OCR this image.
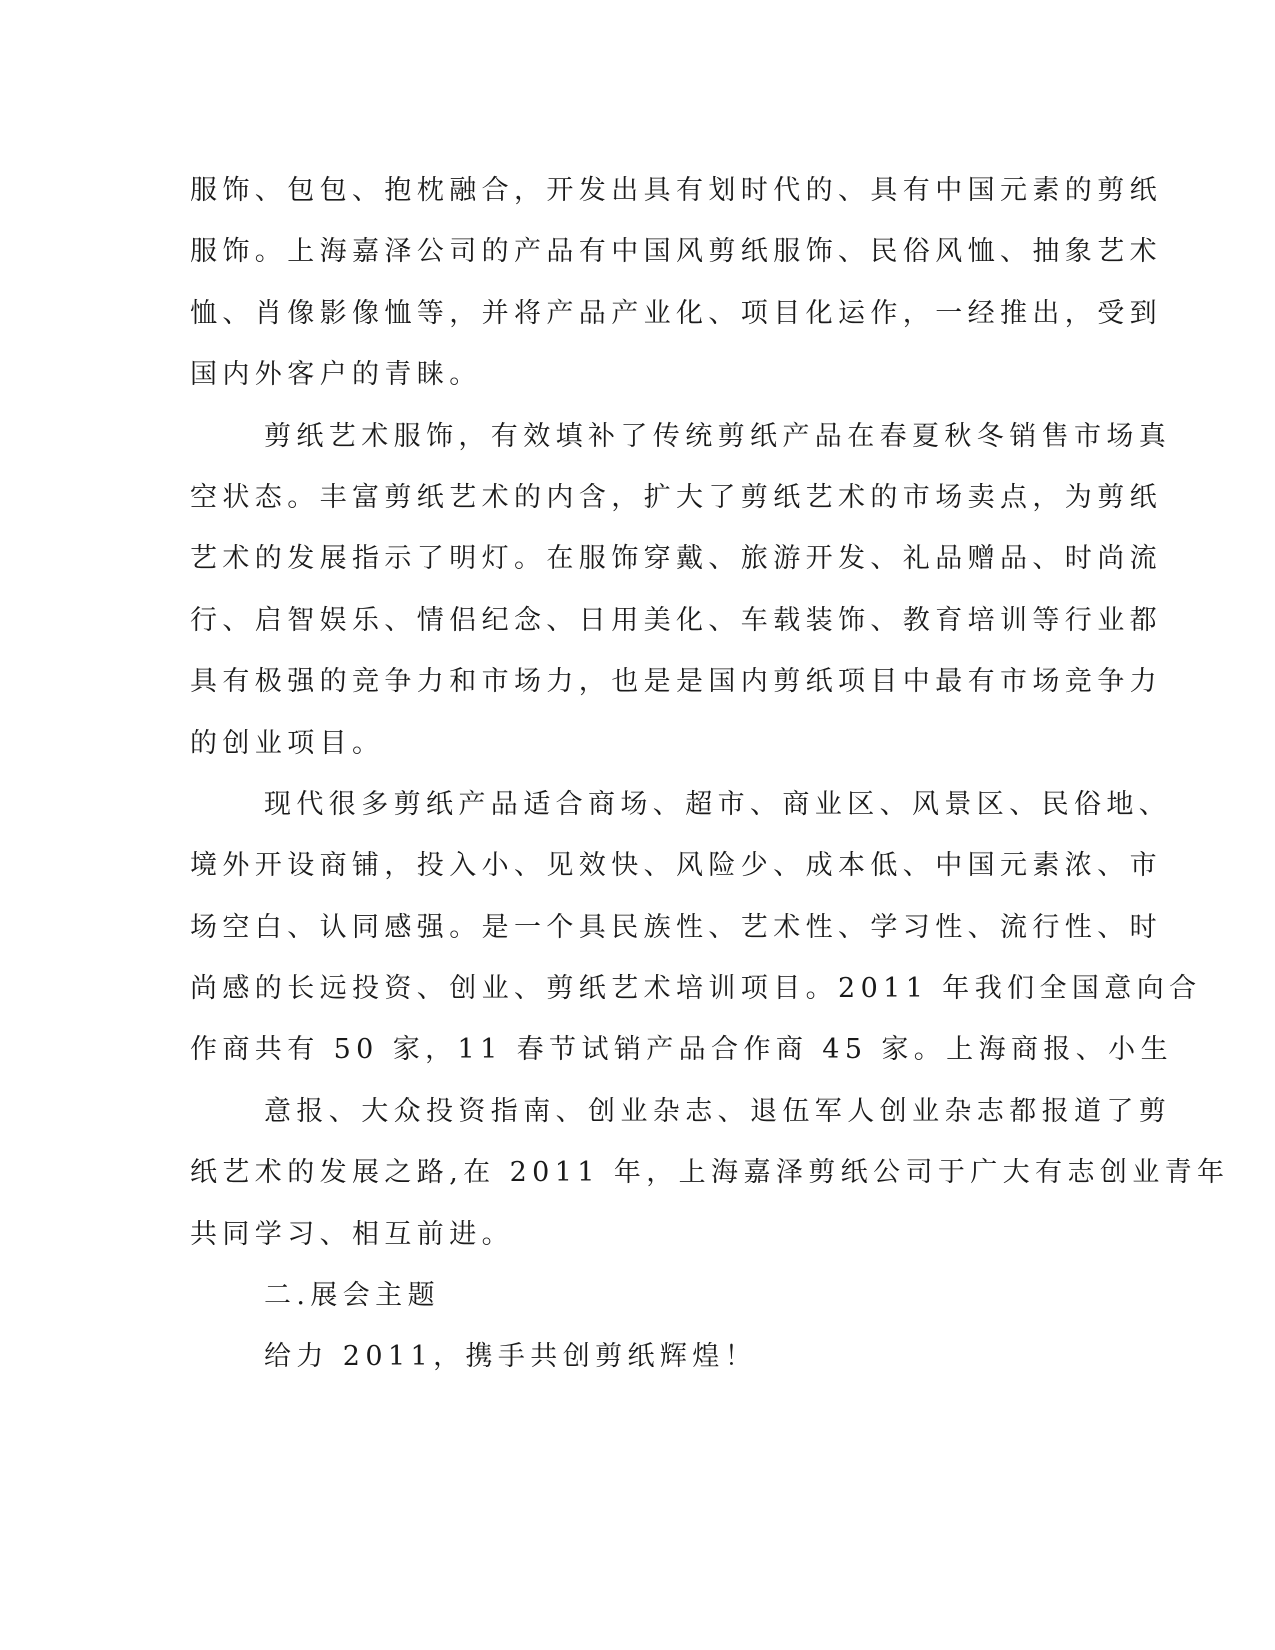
服饰、包包、抱枕融合，开发出具有划时代的、具有中国元素的剪纸
服饰。上海嘉泽公司的产品有中国风剪纸服饰、民俗风恤、抽象艺术
恤、肖像影像恤等，并将产品产业化、项目化运作，一经推出，受到
国内外客户的青睐。
剪纸艺术服饰，有效填补了传统剪纸产品在春夏秋冬销售市场真
空状态。丰富剪纸艺术的内含，扩大了剪纸艺术的市场卖点，为剪纸
艺术的发展指示了明灯。在服饰穿戴、旅游开发、礼品赠品、时尚流
行、启智娱乐、情侣纪念、日用美化、车载装饰、教育培训等行业都
具有极强的竞争力和市场力，也是是国内剪纸项目中最有市场竞争力
的创业项目。
现代很多剪纸产品适合商场、超市、商业区、风景区、民俗地、
境外开设商铺，投入小、见效快、风险少、成本低、中国元素浓、市
场空白、认同感强。是一个具民族性、艺术性、学习性、流行性、时
尚感的长远投资、创业、剪纸艺术培训项目。2011 年我们全国意向合
作商共有 50 家，11 春节试销产品合作商 45 家。上海商报、小生
意报、大众投资指南、创业杂志、退伍军人创业杂志都报道了剪
纸艺术的发展之路,在 2011 年，上海嘉泽剪纸公司于广大有志创业青年
共同学习、相互前进。
二.展会主题
给力 2011，携手共创剪纸辉煌！
